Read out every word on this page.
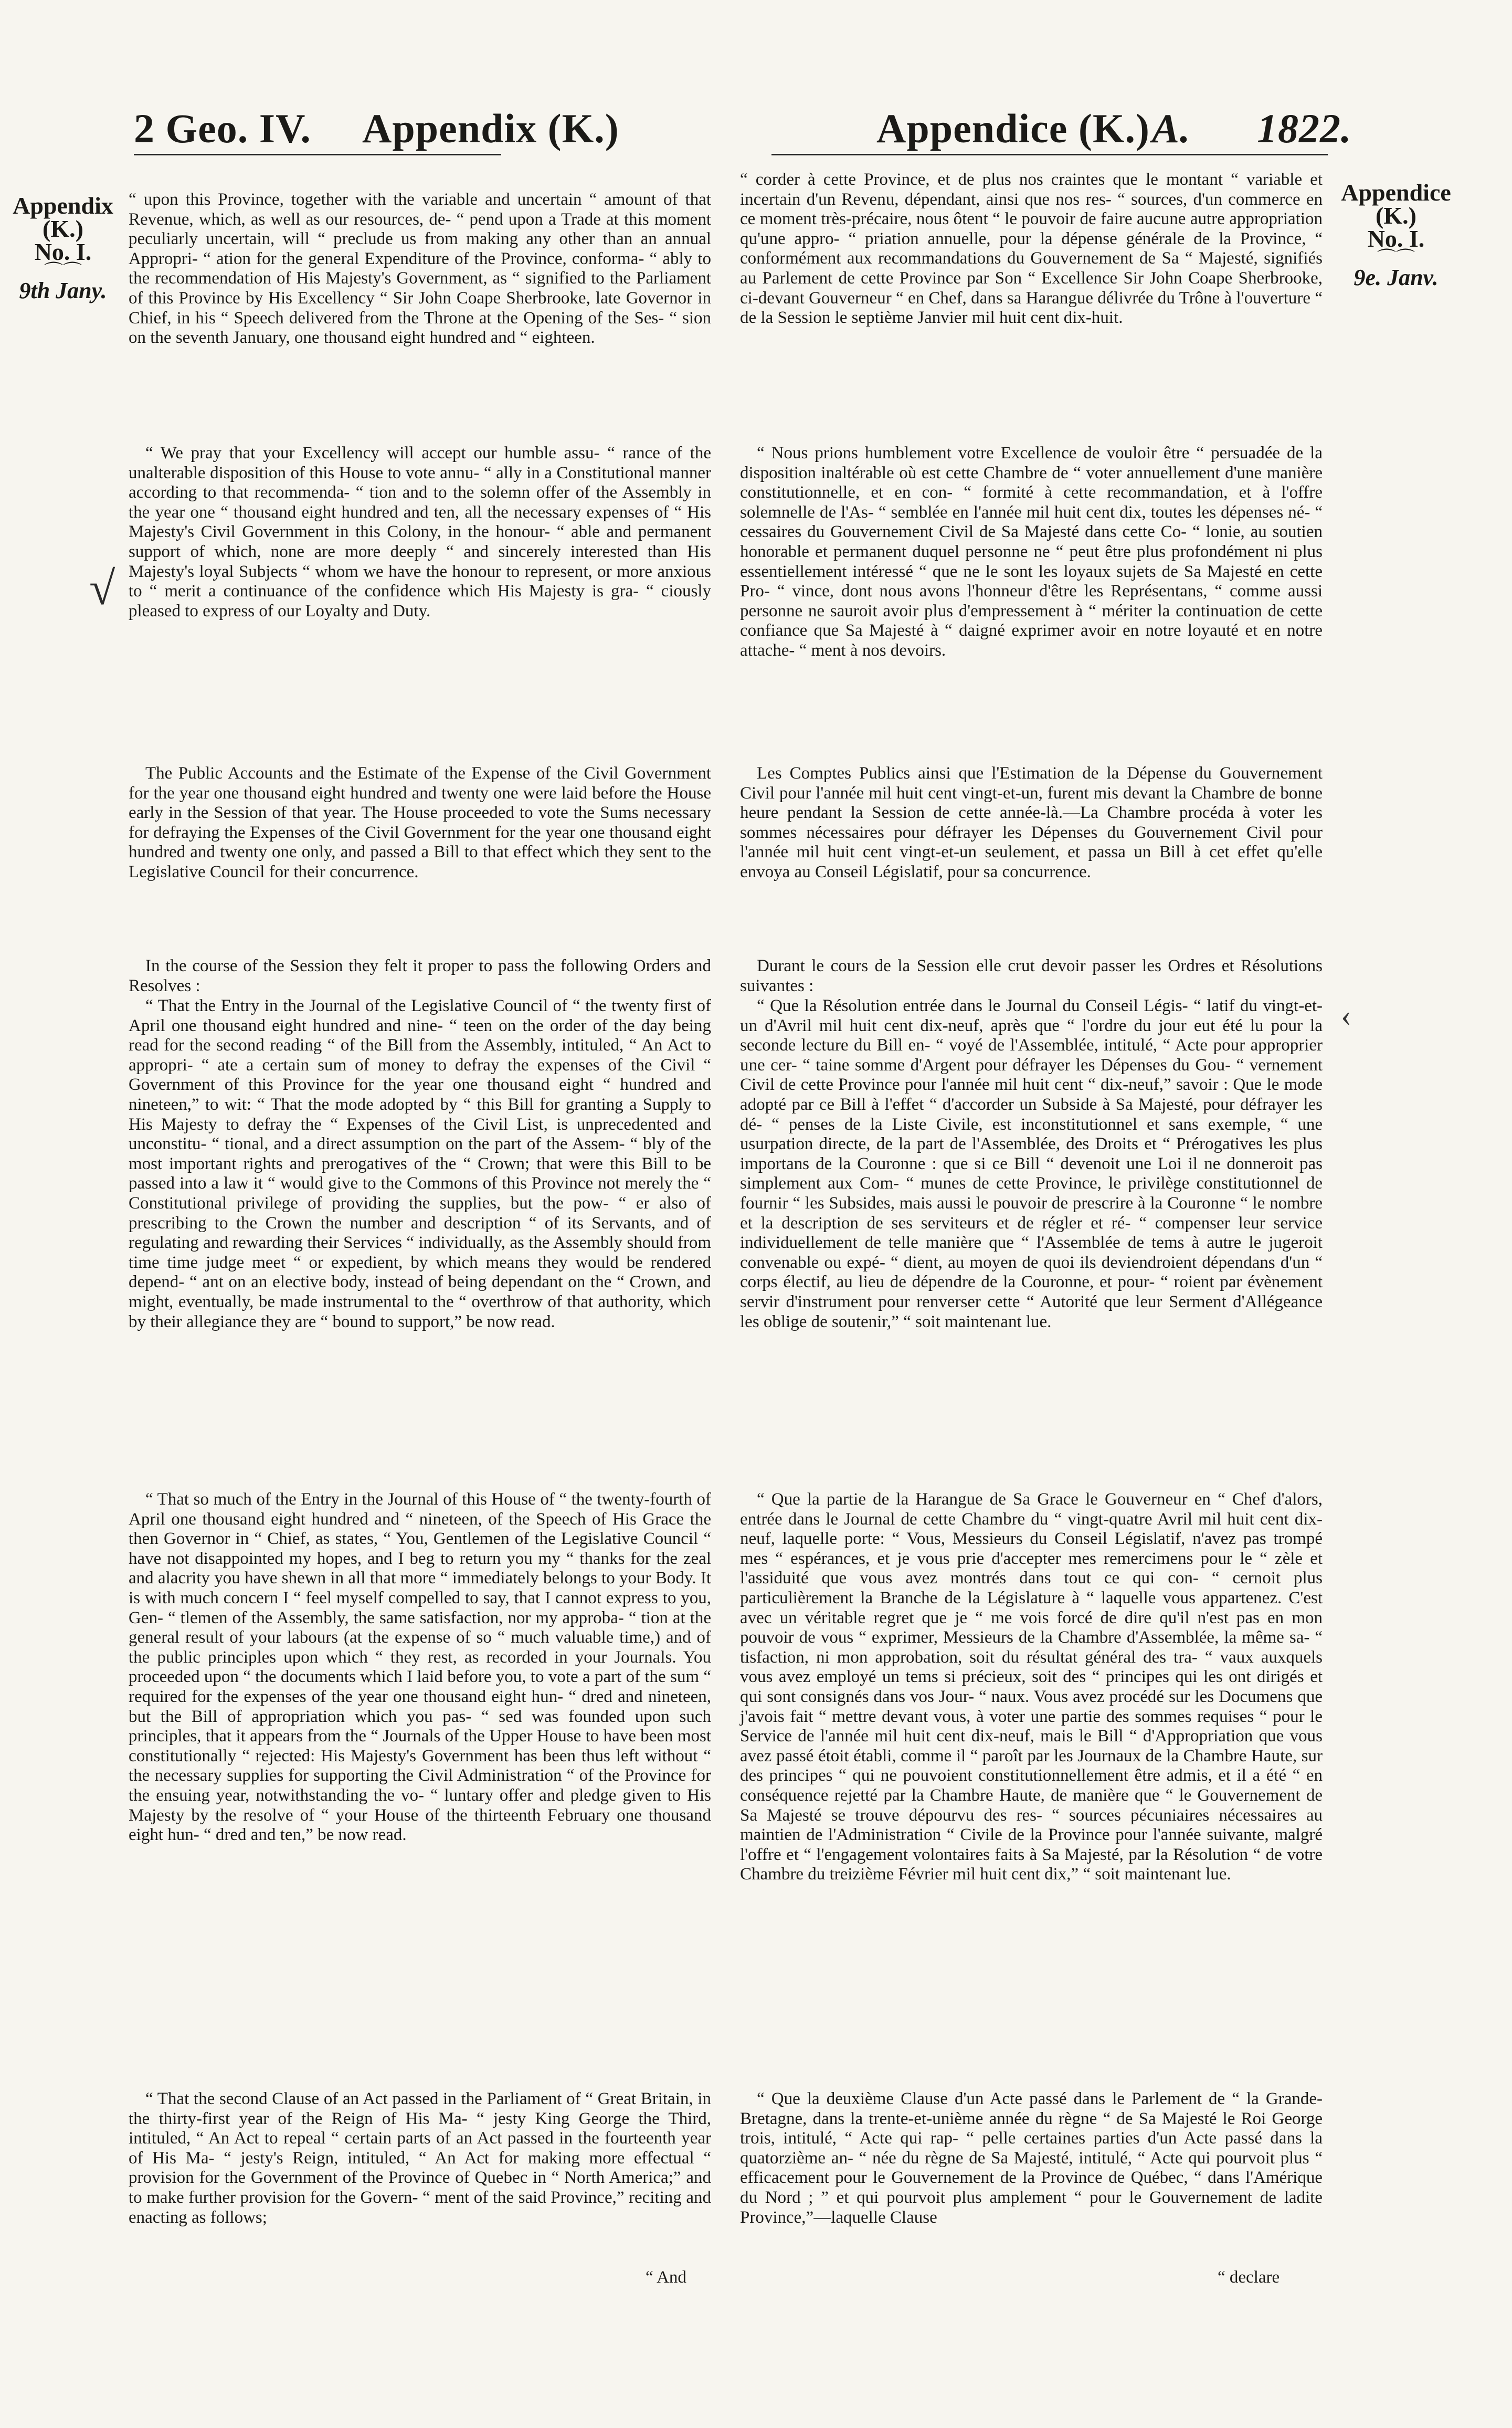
2 Geo. IV. Appendix (K.)	Appendice (K.) A. 1822.
Appendix
(K.)
No. I.
⌒⌒
9th Jany.
Appendice
(K.)
No. I.
⌒⌒
9e. Janv.
√
‹

“ upon this Province, together with the variable and uncertain “ amount of that Revenue, which, as well as our resources, de- “ pend upon a Trade at this moment peculiarly uncertain, will “ preclude us from making any other than an annual Appropri- “ ation for the general Expenditure of the Province, conforma- “ ably to the recommendation of His Majesty's Government, as “ signified to the Parliament of this Province by His Excellency “ Sir John Coape Sherbrooke, late Governor in Chief, in his “ Speech delivered from the Throne at the Opening of the Ses- “ sion on the seventh January, one thousand eight hundred and “ eighteen.

“ We pray that your Excellency will accept our humble assu- “ rance of the unalterable disposition of this House to vote annu- “ ally in a Constitutional manner according to that recommenda- “ tion and to the solemn offer of the Assembly in the year one “ thousand eight hundred and ten, all the necessary expenses of “ His Majesty's Civil Government in this Colony, in the honour- “ able and permanent support of which, none are more deeply “ and sincerely interested than His Majesty's loyal Subjects “ whom we have the honour to represent, or more anxious to “ merit a continuance of the confidence which His Majesty is gra- “ ciously pleased to express of our Loyalty and Duty.

The Public Accounts and the Estimate of the Expense of the Civil Government for the year one thousand eight hundred and twenty one were laid before the House early in the Session of that year. The House proceeded to vote the Sums necessary for defraying the Expenses of the Civil Government for the year one thousand eight hundred and twenty one only, and passed a Bill to that effect which they sent to the Legislative Council for their concurrence.

In the course of the Session they felt it proper to pass the following Orders and Resolves :

“ That the Entry in the Journal of the Legislative Council of “ the twenty first of April one thousand eight hundred and nine- “ teen on the order of the day being read for the second reading “ of the Bill from the Assembly, intituled, “ An Act to appropri- “ ate a certain sum of money to defray the expenses of the Civil “ Government of this Province for the year one thousand eight “ hundred and nineteen,” to wit: “ That the mode adopted by “ this Bill for granting a Supply to His Majesty to defray the “ Expenses of the Civil List, is unprecedented and unconstitu- “ tional, and a direct assumption on the part of the Assem- “ bly of the most important rights and prerogatives of the “ Crown; that were this Bill to be passed into a law it “ would give to the Commons of this Province not merely the “ Constitutional privilege of providing the supplies, but the pow- “ er also of prescribing to the Crown the number and description “ of its Servants, and of regulating and rewarding their Services “ individually, as the Assembly should from time time judge meet “ or expedient, by which means they would be rendered depend- “ ant on an elective body, instead of being dependant on the “ Crown, and might, eventually, be made instrumental to the “ overthrow of that authority, which by their allegiance they are “ bound to support,” be now read.

“ That so much of the Entry in the Journal of this House of “ the twenty-fourth of April one thousand eight hundred and “ nineteen, of the Speech of His Grace the then Governor in “ Chief, as states, “ You, Gentlemen of the Legislative Council “ have not disappointed my hopes, and I beg to return you my “ thanks for the zeal and alacrity you have shewn in all that more “ immediately belongs to your Body. It is with much concern I “ feel myself compelled to say, that I cannot express to you, Gen- “ tlemen of the Assembly, the same satisfaction, nor my approba- “ tion at the general result of your labours (at the expense of so “ much valuable time,) and of the public principles upon which “ they rest, as recorded in your Journals. You proceeded upon “ the documents which I laid before you, to vote a part of the sum “ required for the expenses of the year one thousand eight hun- “ dred and nineteen, but the Bill of appropriation which you pas- “ sed was founded upon such principles, that it appears from the “ Journals of the Upper House to have been most constitutionally “ rejected: His Majesty's Government has been thus left without “ the necessary supplies for supporting the Civil Administration “ of the Province for the ensuing year, notwithstanding the vo- “ luntary offer and pledge given to His Majesty by the resolve of “ your House of the thirteenth February one thousand eight hun- “ dred and ten,” be now read.

“ That the second Clause of an Act passed in the Parliament of “ Great Britain, in the thirty-first year of the Reign of His Ma- “ jesty King George the Third, intituled, “ An Act to repeal “ certain parts of an Act passed in the fourteenth year of His Ma- “ jesty's Reign, intituled, “ An Act for making more effectual “ provision for the Government of the Province of Quebec in “ North America;” and to make further provision for the Govern- “ ment of the said Province,” reciting and enacting as follows;

“ And

“ corder à cette Province, et de plus nos craintes que le montant “ variable et incertain d'un Revenu, dépendant, ainsi que nos res- “ sources, d'un commerce en ce moment très-précaire, nous ôtent “ le pouvoir de faire aucune autre appropriation qu'une appro- “ priation annuelle, pour la dépense générale de la Province, “ conformément aux recommandations du Gouvernement de Sa “ Majesté, signifiés au Parlement de cette Province par Son “ Excellence Sir John Coape Sherbrooke, ci-devant Gouverneur “ en Chef, dans sa Harangue délivrée du Trône à l'ouverture “ de la Session le septième Janvier mil huit cent dix-huit.

“ Nous prions humblement votre Excellence de vouloir être “ persuadée de la disposition inaltérable où est cette Chambre de “ voter annuellement d'une manière constitutionnelle, et en con- “ formité à cette recommandation, et à l'offre solemnelle de l'As- “ semblée en l'année mil huit cent dix, toutes les dépenses né- “ cessaires du Gouvernement Civil de Sa Majesté dans cette Co- “ lonie, au soutien honorable et permanent duquel personne ne “ peut être plus profondément ni plus essentiellement intéressé “ que ne le sont les loyaux sujets de Sa Majesté en cette Pro- “ vince, dont nous avons l'honneur d'être les Représentans, “ comme aussi personne ne sauroit avoir plus d'empressement à “ mériter la continuation de cette confiance que Sa Majesté à “ daigné exprimer avoir en notre loyauté et en notre attache- “ ment à nos devoirs.

Les Comptes Publics ainsi que l'Estimation de la Dépense du Gouvernement Civil pour l'année mil huit cent vingt-et-un, furent mis devant la Chambre de bonne heure pendant la Session de cette année-là.—La Chambre procéda à voter les sommes nécessaires pour défrayer les Dépenses du Gouvernement Civil pour l'année mil huit cent vingt-et-un seulement, et passa un Bill à cet effet qu'elle envoya au Conseil Législatif, pour sa concurrence.

Durant le cours de la Session elle crut devoir passer les Ordres et Résolutions suivantes :

“ Que la Résolution entrée dans le Journal du Conseil Légis- “ latif du vingt-et-un d'Avril mil huit cent dix-neuf, après que “ l'ordre du jour eut été lu pour la seconde lecture du Bill en- “ voyé de l'Assemblée, intitulé, “ Acte pour approprier une cer- “ taine somme d'Argent pour défrayer les Dépenses du Gou- “ vernement Civil de cette Province pour l'année mil huit cent “ dix-neuf,” savoir : Que le mode adopté par ce Bill à l'effet “ d'accorder un Subside à Sa Majesté, pour défrayer les dé- “ penses de la Liste Civile, est inconstitutionnel et sans exemple, “ une usurpation directe, de la part de l'Assemblée, des Droits et “ Prérogatives les plus importans de la Couronne : que si ce Bill “ devenoit une Loi il ne donneroit pas simplement aux Com- “ munes de cette Province, le privilège constitutionnel de fournir “ les Subsides, mais aussi le pouvoir de prescrire à la Couronne “ le nombre et la description de ses serviteurs et de régler et ré- “ compenser leur service individuellement de telle manière que “ l'Assemblée de tems à autre le jugeroit convenable ou expé- “ dient, au moyen de quoi ils deviendroient dépendans d'un “ corps électif, au lieu de dépendre de la Couronne, et pour- “ roient par évènement servir d'instrument pour renverser cette “ Autorité que leur Serment d'Allégeance les oblige de soutenir,” “ soit maintenant lue.

“ Que la partie de la Harangue de Sa Grace le Gouverneur en “ Chef d'alors, entrée dans le Journal de cette Chambre du “ vingt-quatre Avril mil huit cent dix-neuf, laquelle porte: “ Vous, Messieurs du Conseil Législatif, n'avez pas trompé mes “ espérances, et je vous prie d'accepter mes remercimens pour le “ zèle et l'assiduité que vous avez montrés dans tout ce qui con- “ cernoit plus particulièrement la Branche de la Législature à “ laquelle vous appartenez. C'est avec un véritable regret que je “ me vois forcé de dire qu'il n'est pas en mon pouvoir de vous “ exprimer, Messieurs de la Chambre d'Assemblée, la même sa- “ tisfaction, ni mon approbation, soit du résultat général des tra- “ vaux auxquels vous avez employé un tems si précieux, soit des “ principes qui les ont dirigés et qui sont consignés dans vos Jour- “ naux. Vous avez procédé sur les Documens que j'avois fait “ mettre devant vous, à voter une partie des sommes requises “ pour le Service de l'année mil huit cent dix-neuf, mais le Bill “ d'Appropriation que vous avez passé étoit établi, comme il “ paroît par les Journaux de la Chambre Haute, sur des principes “ qui ne pouvoient constitutionnellement être admis, et il a été “ en conséquence rejetté par la Chambre Haute, de manière que “ le Gouvernement de Sa Majesté se trouve dépourvu des res- “ sources pécuniaires nécessaires au maintien de l'Administration “ Civile de la Province pour l'année suivante, malgré l'offre et “ l'engagement volontaires faits à Sa Majesté, par la Résolution “ de votre Chambre du treizième Février mil huit cent dix,” “ soit maintenant lue.

“ Que la deuxième Clause d'un Acte passé dans le Parlement de “ la Grande-Bretagne, dans la trente-et-unième année du règne “ de Sa Majesté le Roi George trois, intitulé, “ Acte qui rap- “ pelle certaines parties d'un Acte passé dans la quatorzième an- “ née du règne de Sa Majesté, intitulé, “ Acte qui pourvoit plus “ efficacement pour le Gouvernement de la Province de Québec, “ dans l'Amérique du Nord ; ” et qui pourvoit plus amplement “ pour le Gouvernement de ladite Province,”—laquelle Clause

“ declare
